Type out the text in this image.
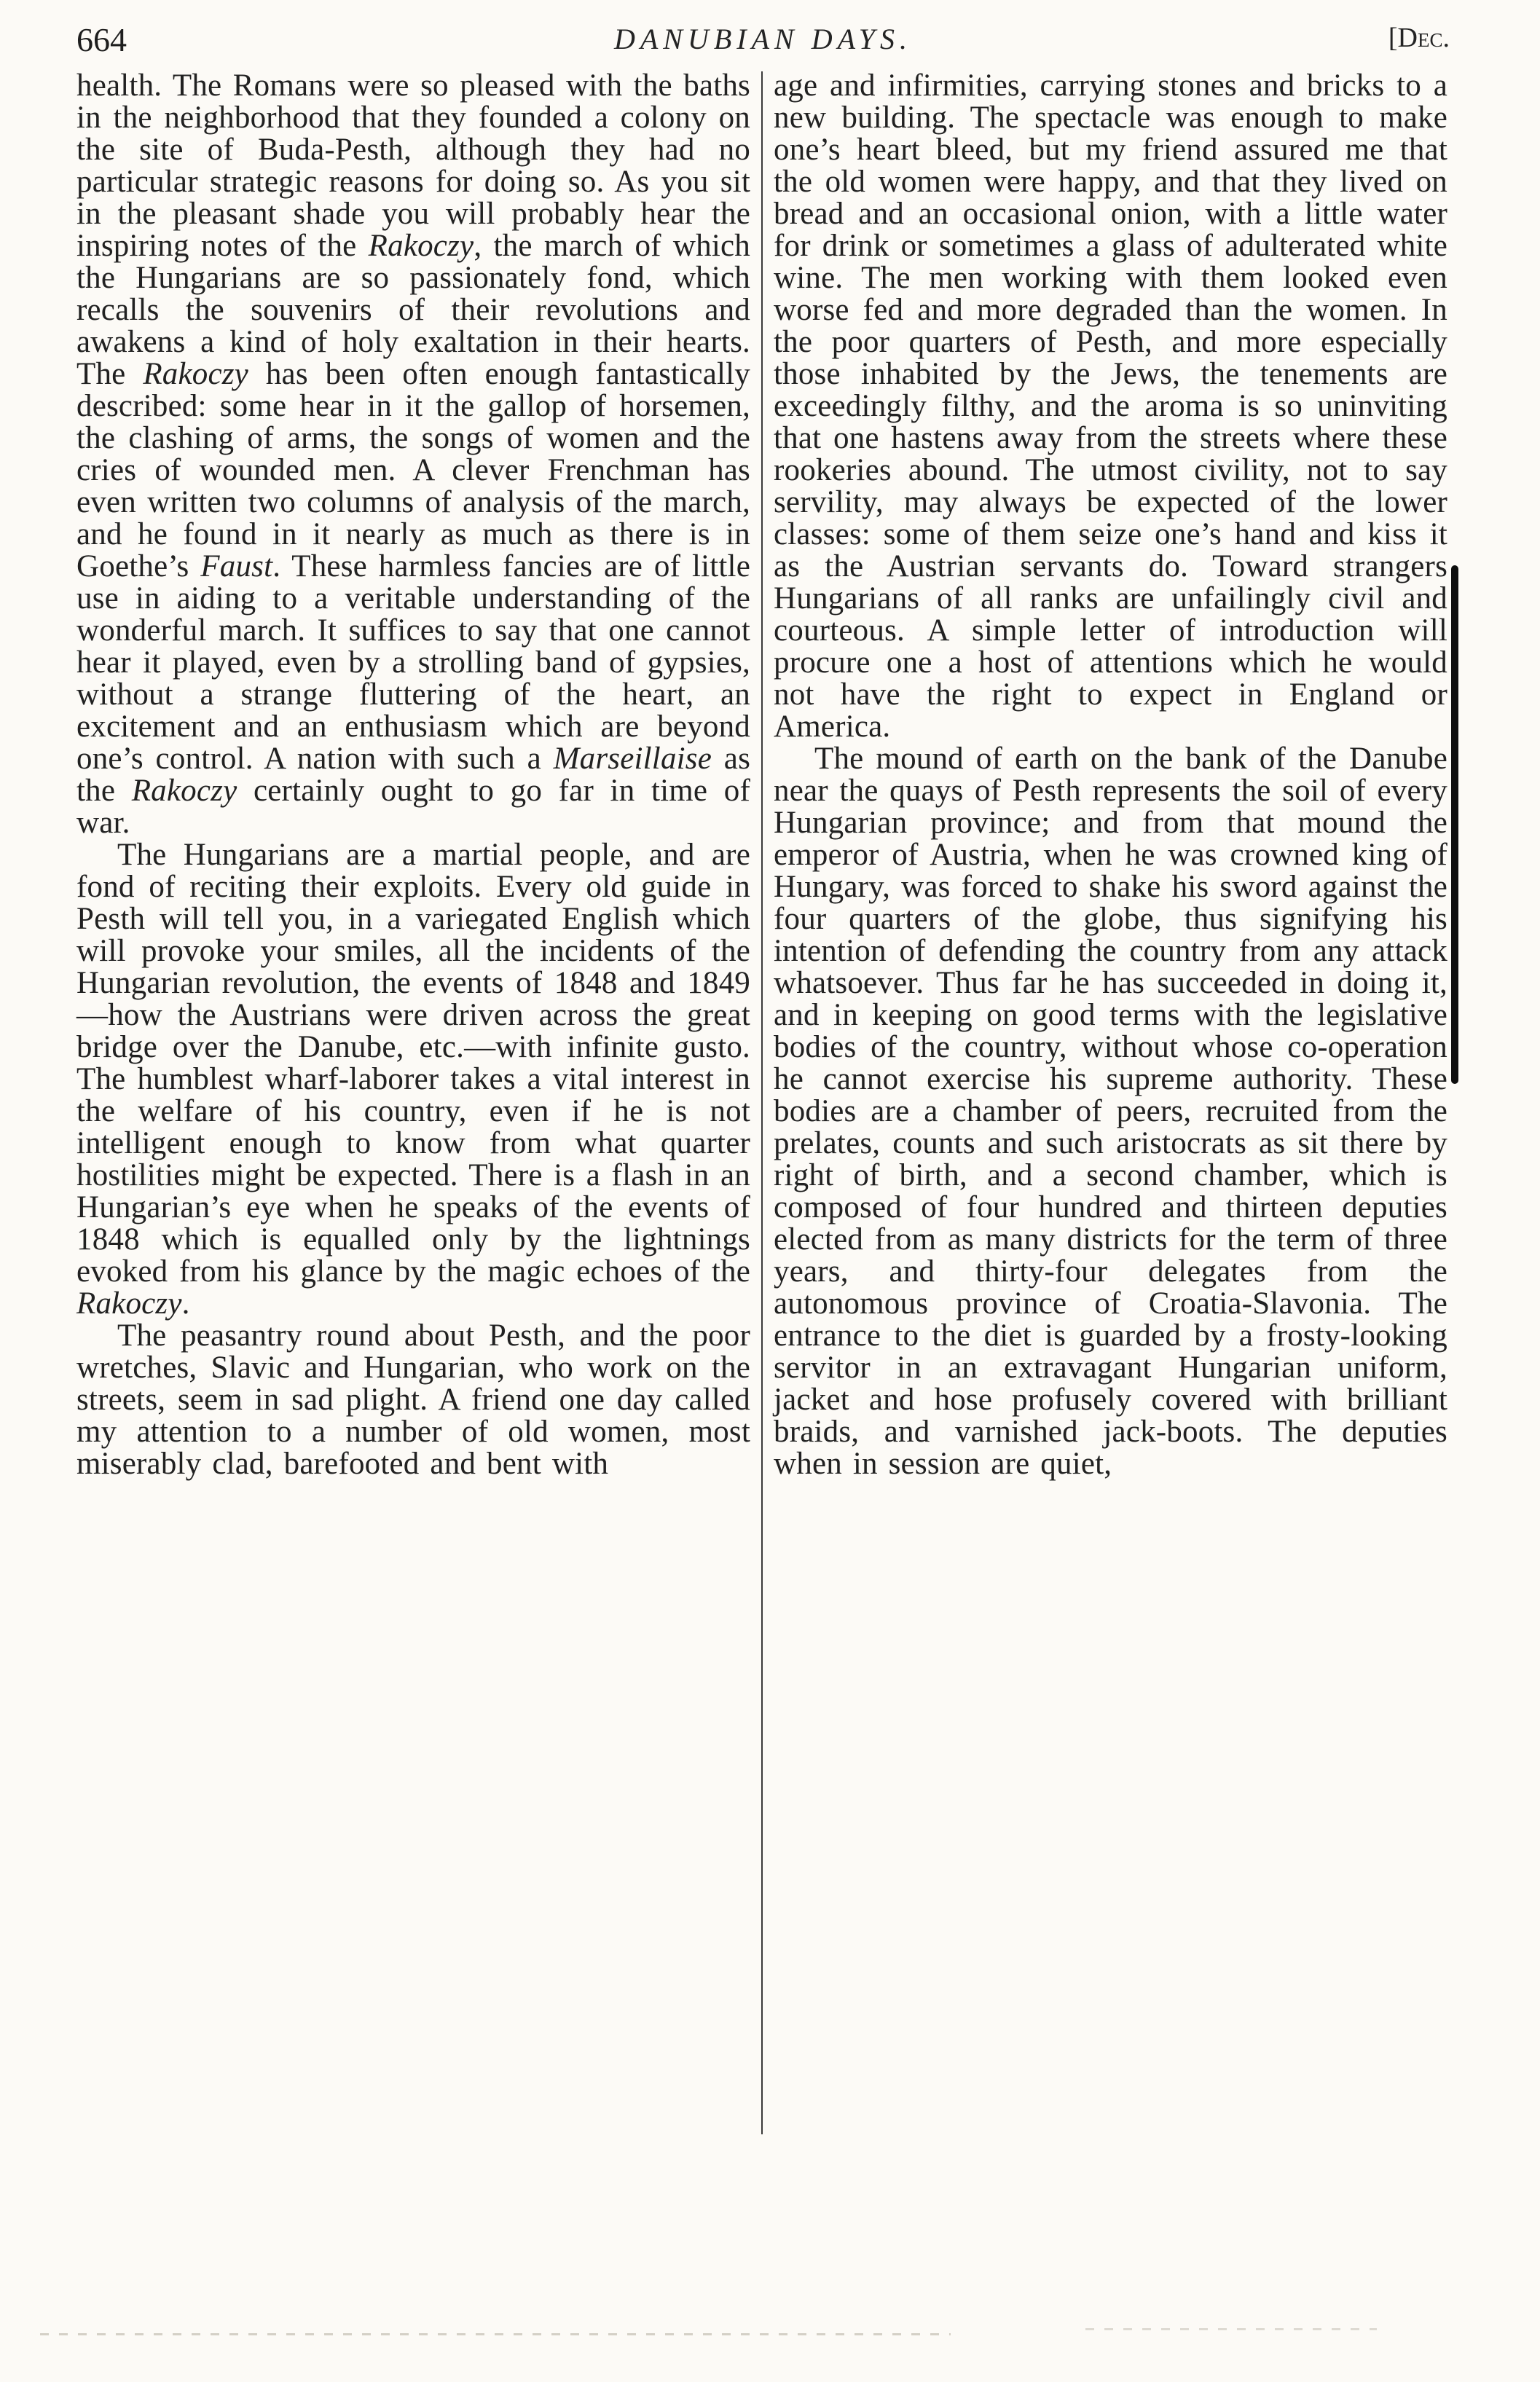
664	DANUBIAN DAYS.	[Dec.

health. The Romans were so pleased with the baths in the neighborhood that they founded a colony on the site of Buda-Pesth, although they had no particular strategic reasons for doing so. As you sit in the pleasant shade you will probably hear the inspiring notes of the Rakoczy, the march of which the Hungarians are so passionately fond, which recalls the souvenirs of their revolutions and awakens a kind of holy exaltation in their hearts. The Rakoczy has been often enough fantastically described: some hear in it the gallop of horsemen, the clashing of arms, the songs of women and the cries of wounded men. A clever Frenchman has even written two columns of analysis of the march, and he found in it nearly as much as there is in Goethe’s Faust. These harmless fancies are of little use in aiding to a veritable understanding of the wonderful march. It suffices to say that one cannot hear it played, even by a strolling band of gypsies, without a strange fluttering of the heart, an excitement and an enthusiasm which are beyond one’s control. A nation with such a Marseillaise as the Rakoczy certainly ought to go far in time of war.

The Hungarians are a martial people, and are fond of reciting their exploits. Every old guide in Pesth will tell you, in a variegated English which will provoke your smiles, all the incidents of the Hungarian revolution, the events of 1848 and 1849—how the Austrians were driven across the great bridge over the Danube, etc.—with infinite gusto. The humblest wharf-laborer takes a vital interest in the welfare of his country, even if he is not intelligent enough to know from what quarter hostilities might be expected. There is a flash in an Hungarian’s eye when he speaks of the events of 1848 which is equalled only by the lightnings evoked from his glance by the magic echoes of the Rakoczy.

The peasantry round about Pesth, and the poor wretches, Slavic and Hungarian, who work on the streets, seem in sad plight. A friend one day called my attention to a number of old women, most miserably clad, barefooted and bent with

age and infirmities, carrying stones and bricks to a new building. The spectacle was enough to make one’s heart bleed, but my friend assured me that the old women were happy, and that they lived on bread and an occasional onion, with a little water for drink or sometimes a glass of adulterated white wine. The men working with them looked even worse fed and more degraded than the women. In the poor quarters of Pesth, and more especially those inhabited by the Jews, the tenements are exceedingly filthy, and the aroma is so uninviting that one hastens away from the streets where these rookeries abound. The utmost civility, not to say servility, may always be expected of the lower classes: some of them seize one’s hand and kiss it as the Austrian servants do. Toward strangers Hungarians of all ranks are unfailingly civil and courteous. A simple letter of introduction will procure one a host of attentions which he would not have the right to expect in England or America.

The mound of earth on the bank of the Danube near the quays of Pesth represents the soil of every Hungarian province; and from that mound the emperor of Austria, when he was crowned king of Hungary, was forced to shake his sword against the four quarters of the globe, thus signifying his intention of defending the country from any attack whatsoever. Thus far he has succeeded in doing it, and in keeping on good terms with the legislative bodies of the country, without whose co-operation he cannot exercise his supreme authority. These bodies are a chamber of peers, recruited from the prelates, counts and such aristocrats as sit there by right of birth, and a second chamber, which is composed of four hundred and thirteen deputies elected from as many districts for the term of three years, and thirty-four delegates from the autonomous province of Croatia-Slavonia. The entrance to the diet is guarded by a frosty-looking servitor in an extravagant Hungarian uniform, jacket and hose profusely covered with brilliant braids, and varnished jack-boots. The deputies when in session are quiet,
